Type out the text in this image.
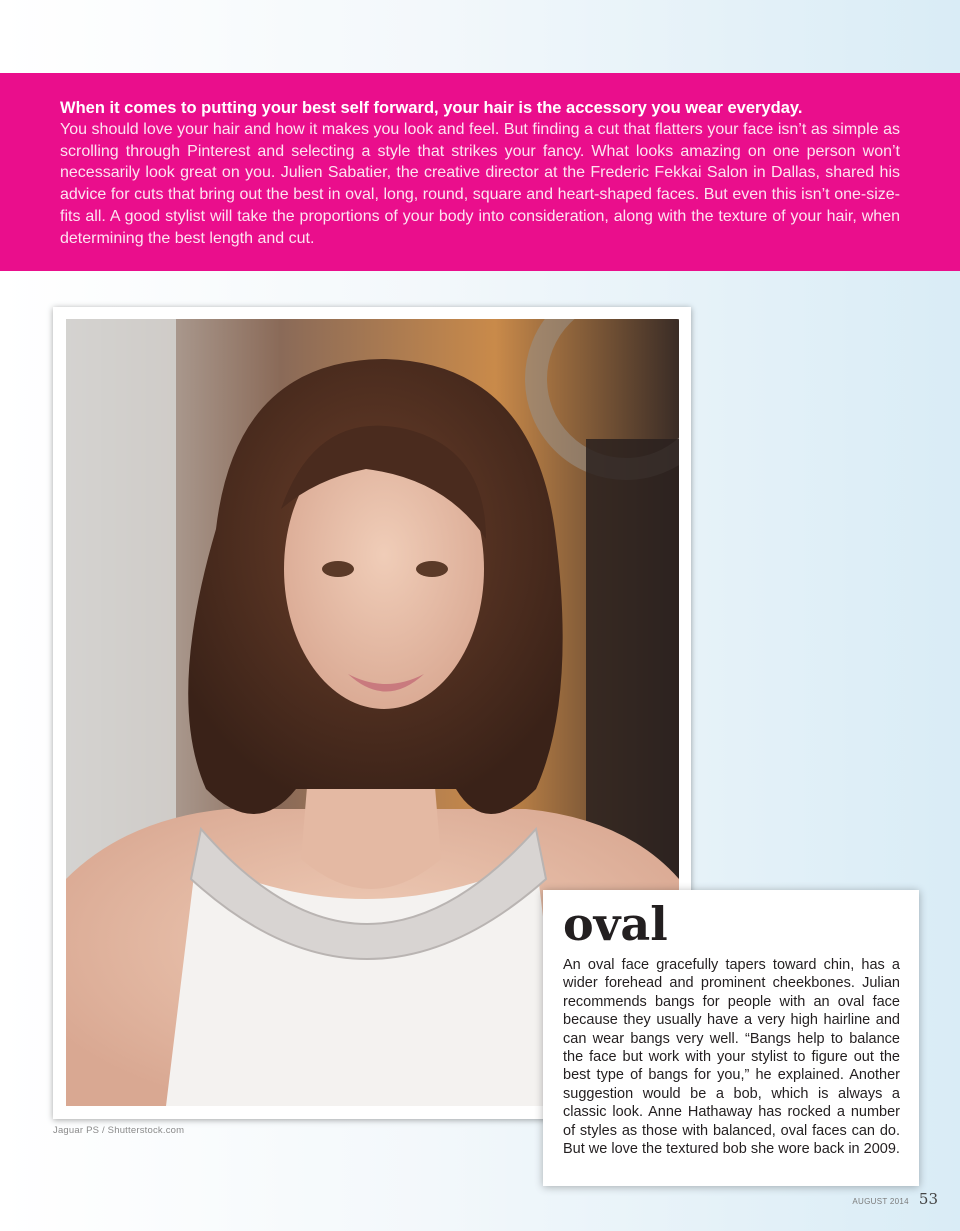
When it comes to putting your best self forward, your hair is the accessory you wear everyday.

You should love your hair and how it makes you look and feel. But finding a cut that flatters your face isn’t as simple as scrolling through Pinterest and selecting a style that strikes your fancy. What looks amazing on one person won’t necessarily look great on you. Julien Sabatier, the creative director at the Frederic Fekkai Salon in Dallas, shared his advice for cuts that bring out the best in oval, long, round, square and heart-shaped faces. But even this isn’t one-size-fits all. A good stylist will take the proportions of your body into consideration, along with the texture of your hair, when determining the best length and cut.

Jaguar PS / Shutterstock.com
oval

An oval face gracefully tapers toward chin, has a wider forehead and prominent cheekbones. Julian recommends bangs for people with an oval face because they usually have a very high hairline and can wear bangs very well. “Bangs help to balance the face but work with your stylist to figure out the best type of bangs for you,” he explained. Another suggestion would be a bob, which is always a classic look. Anne Hathaway has rocked a number of styles as those with balanced, oval faces can do. But we love the textured bob she wore back in 2009.

AUGUST 2014 53
